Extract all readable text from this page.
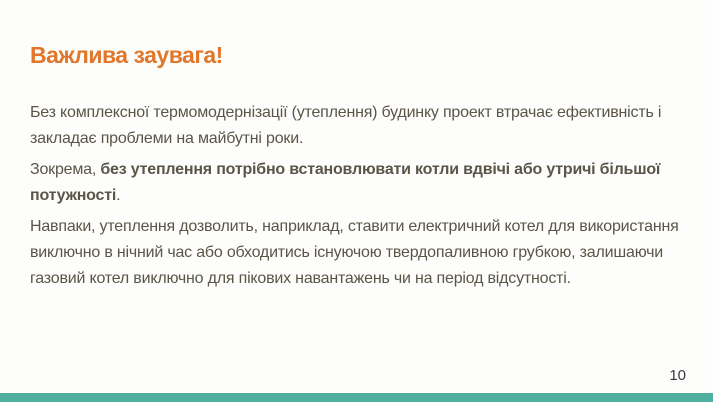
Важлива заувага!

Без комплексної термомодернізації (утеплення) будинку проект втрачає ефективність і
закладає проблеми на майбутні роки.

Зокрема, без утеплення потрібно встановлювати котли вдвічі або утричі більшої
потужності.

Навпаки, утеплення дозволить, наприклад, ставити електричний котел для використання
виключно в нічний час або обходитись існуючою твердопаливною грубкою, залишаючи
газовий котел виключно для пікових навантажень чи на період відсутності.

10
